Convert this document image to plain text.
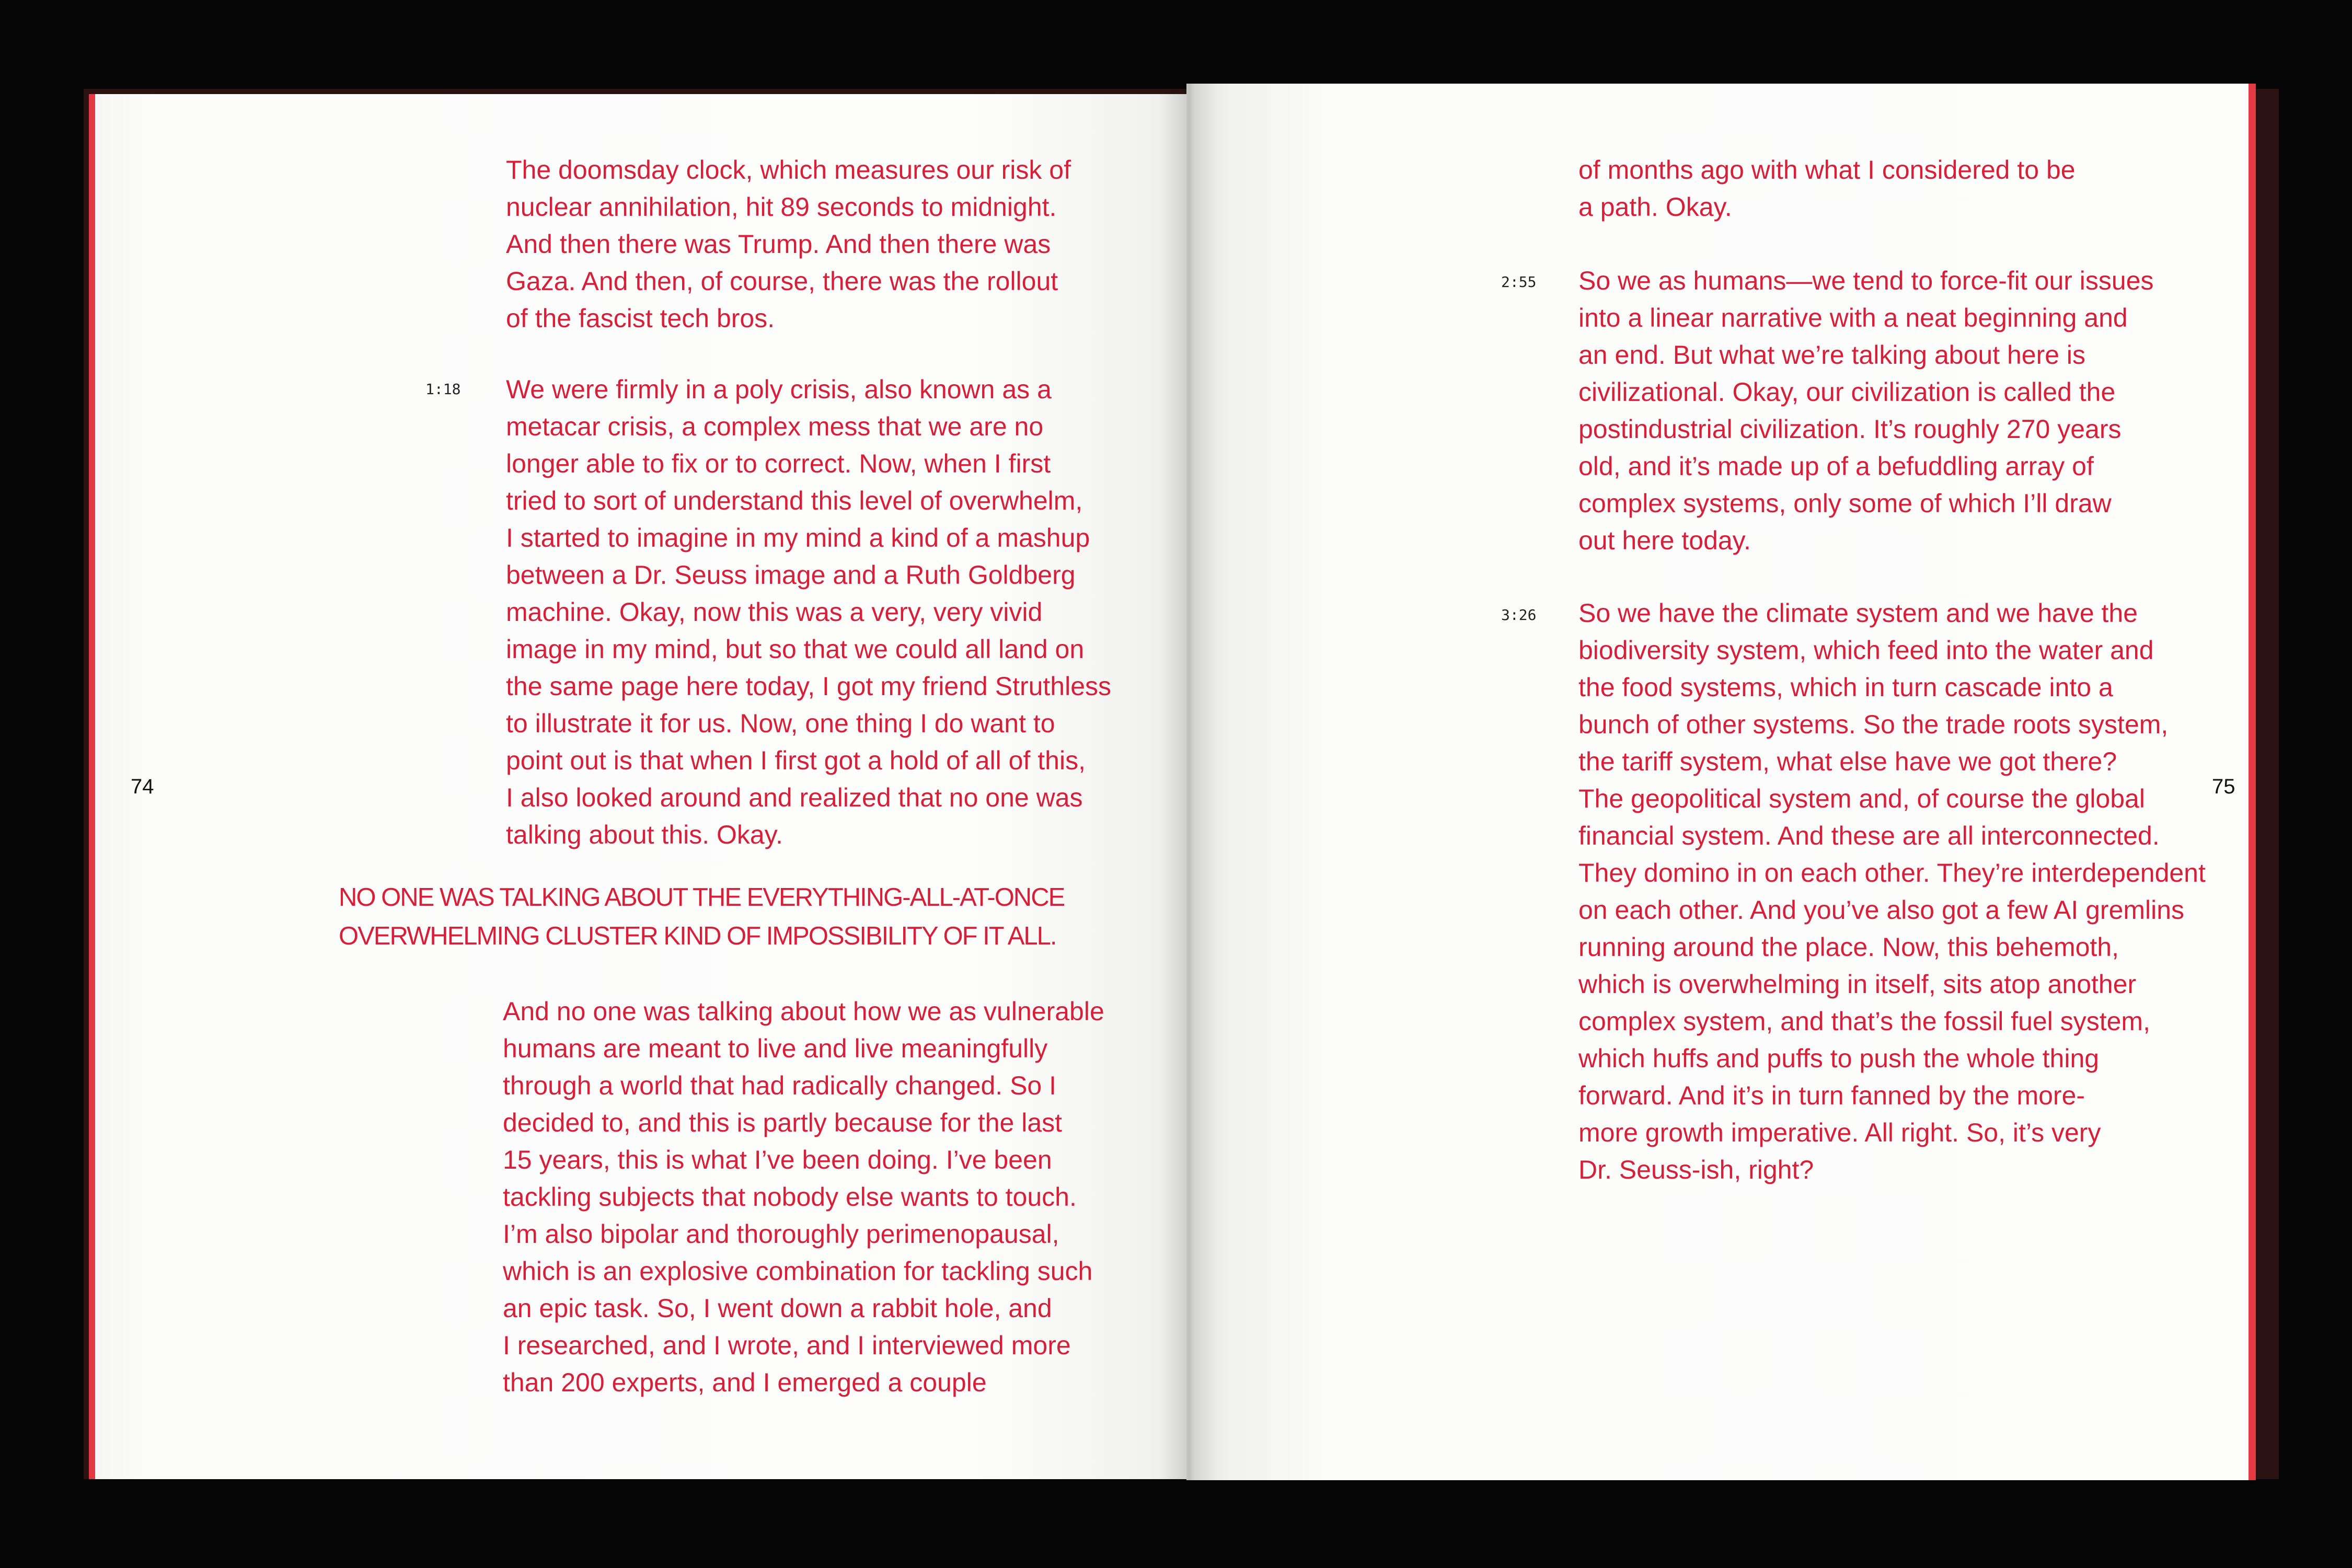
The doomsday clock, which measures our risk of
nuclear annihilation, hit 89 seconds to midnight.
And then there was Trump. And then there was
Gaza. And then, of course, there was the rollout
of the fascist tech bros.

1:18 We were firmly in a poly crisis, also known as a
metacar crisis, a complex mess that we are no
longer able to fix or to correct. Now, when I first
tried to sort of understand this level of overwhelm,
I started to imagine in my mind a kind of a mashup
between a Dr. Seuss image and a Ruth Goldberg
machine. Okay, now this was a very, very vivid
image in my mind, but so that we could all land on
the same page here today, I got my friend Struthless
to illustrate it for us. Now, one thing I do want to
point out is that when I first got a hold of all of this,
I also looked around and realized that no one was
talking about this. Okay.

74

NO ONE WAS TALKING ABOUT THE EVERYTHING-ALL-AT-ONCE
OVERWHELMING CLUSTER KIND OF IMPOSSIBILITY OF IT ALL.

And no one was talking about how we as vulnerable
humans are meant to live and live meaningfully
through a world that had radically changed. So I
decided to, and this is partly because for the last
15 years, this is what I’ve been doing. I’ve been
tackling subjects that nobody else wants to touch.
I’m also bipolar and thoroughly perimenopausal,
which is an explosive combination for tackling such
an epic task. So, I went down a rabbit hole, and
I researched, and I wrote, and I interviewed more
than 200 experts, and I emerged a couple

of months ago with what I considered to be
a path. Okay.

2:55 So we as humans—we tend to force-fit our issues
into a linear narrative with a neat beginning and
an end. But what we’re talking about here is
civilizational. Okay, our civilization is called the
postindustrial civilization. It’s roughly 270 years
old, and it’s made up of a befuddling array of
complex systems, only some of which I’ll draw
out here today.

3:26 So we have the climate system and we have the
biodiversity system, which feed into the water and
the food systems, which in turn cascade into a
bunch of other systems. So the trade roots system,
the tariff system, what else have we got there?
The geopolitical system and, of course the global
financial system. And these are all interconnected.
They domino in on each other. They’re interdependent
on each other. And you’ve also got a few AI gremlins
running around the place. Now, this behemoth,
which is overwhelming in itself, sits atop another
complex system, and that’s the fossil fuel system,
which huffs and puffs to push the whole thing
forward. And it’s in turn fanned by the more-
more growth imperative. All right. So, it’s very
Dr. Seuss-ish, right?

75
